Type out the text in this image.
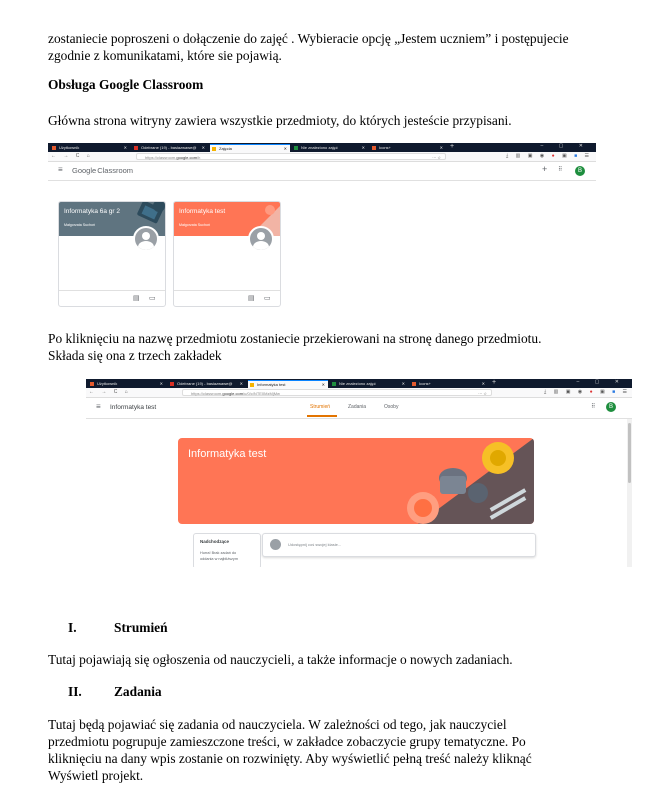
zostaniecie poproszeni o dołączenie do zajęć . Wybieracie opcję „Jestem uczniem” i postępujecie
zgodnie z komunikatami, które sie pojawią.
Obsługa Google Classroom
Główna strona witryny zawiera wszystkie przedmioty, do których jesteście przypisani.
Użytkownik	✕	Odebrane (19) - basiazwawe@ ✕	Zajęcia	✕	Nie znaleziono zajęć	✕	Icons+	✕ +	– ▢ ✕
← → C ⌂	https://classroom.google.com/h	··· ☆	⤓ ▥ ▣ ◉ ● ▣ ■ ☰
≡ GoogleClassroom	+ ⠿	B
Informatyka 6a gr 2
Małgorzata Suchoń
▤ ▭
Informatyka test
Małgorzata Suchoń
▤ ▭
Po kliknięciu na nazwę przedmiotu zostaniecie przekierowani na stronę danego przedmiotu.
Składa się ona z trzech zakładek
Użytkownik	✕	Odebrane (19) - basiazwawe@ ✕	Informatyka test	✕	Nie znaleziono zajęć	✕	Icons+	✕ +	– ▢ ✕
← → C ⌂	https://classroom.google.com/u/0/c/NTE0MzMjMw	··· ☆	⤓ ▥ ▣ ◉ ● ▣ ■ ☰
≡ Informatyka test	Strumień	Zadania	Osoby	⠿	B
Informatyka test
Nadchodzące
Hurra! Brak zadań do
oddania w najbliższym
Udostępnij coś swojej klasie...
I.	Strumień
Tutaj pojawiają się ogłoszenia od nauczycieli, a także informacje o nowych zadaniach.
II. Zadania
Tutaj będą pojawiać się zadania od nauczyciela. W zależności od tego, jak nauczyciel
przedmiotu pogrupuje zamieszczone treści, w zakładce zobaczycie grupy tematyczne. Po
kliknięciu na dany wpis zostanie on rozwinięty. Aby wyświetlić pełną treść należy kliknąć
Wyświetl projekt.
